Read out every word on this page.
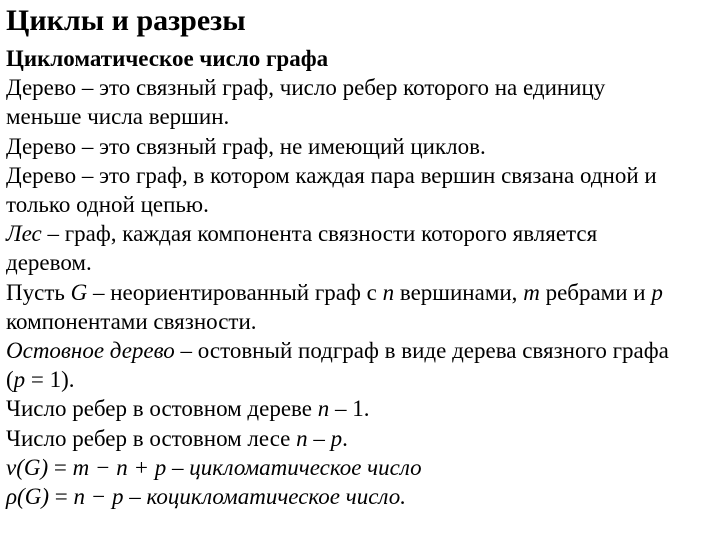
Циклы и разрезы
Цикломатическое число графа
Дерево – это связный граф, число ребер которого на единицу
меньше числа вершин.
Дерево – это связный граф, не имеющий циклов.
Дерево – это граф, в котором каждая пара вершин связана одной и
только одной цепью.
Лес – граф, каждая компонента связности которого является
деревом.
Пусть G – неориентированный граф с n вершинами, m ребрами и p
компонентами связности.
Остовное дерево – остовный подграф в виде дерева связного графа
(p = 1).
Число ребер в остовном дереве n – 1.
Число ребер в остовном лесе n – p.
ν(G) = m − n + p – цикломатическое число
ρ(G) = n − p – коцикломатическое число.
